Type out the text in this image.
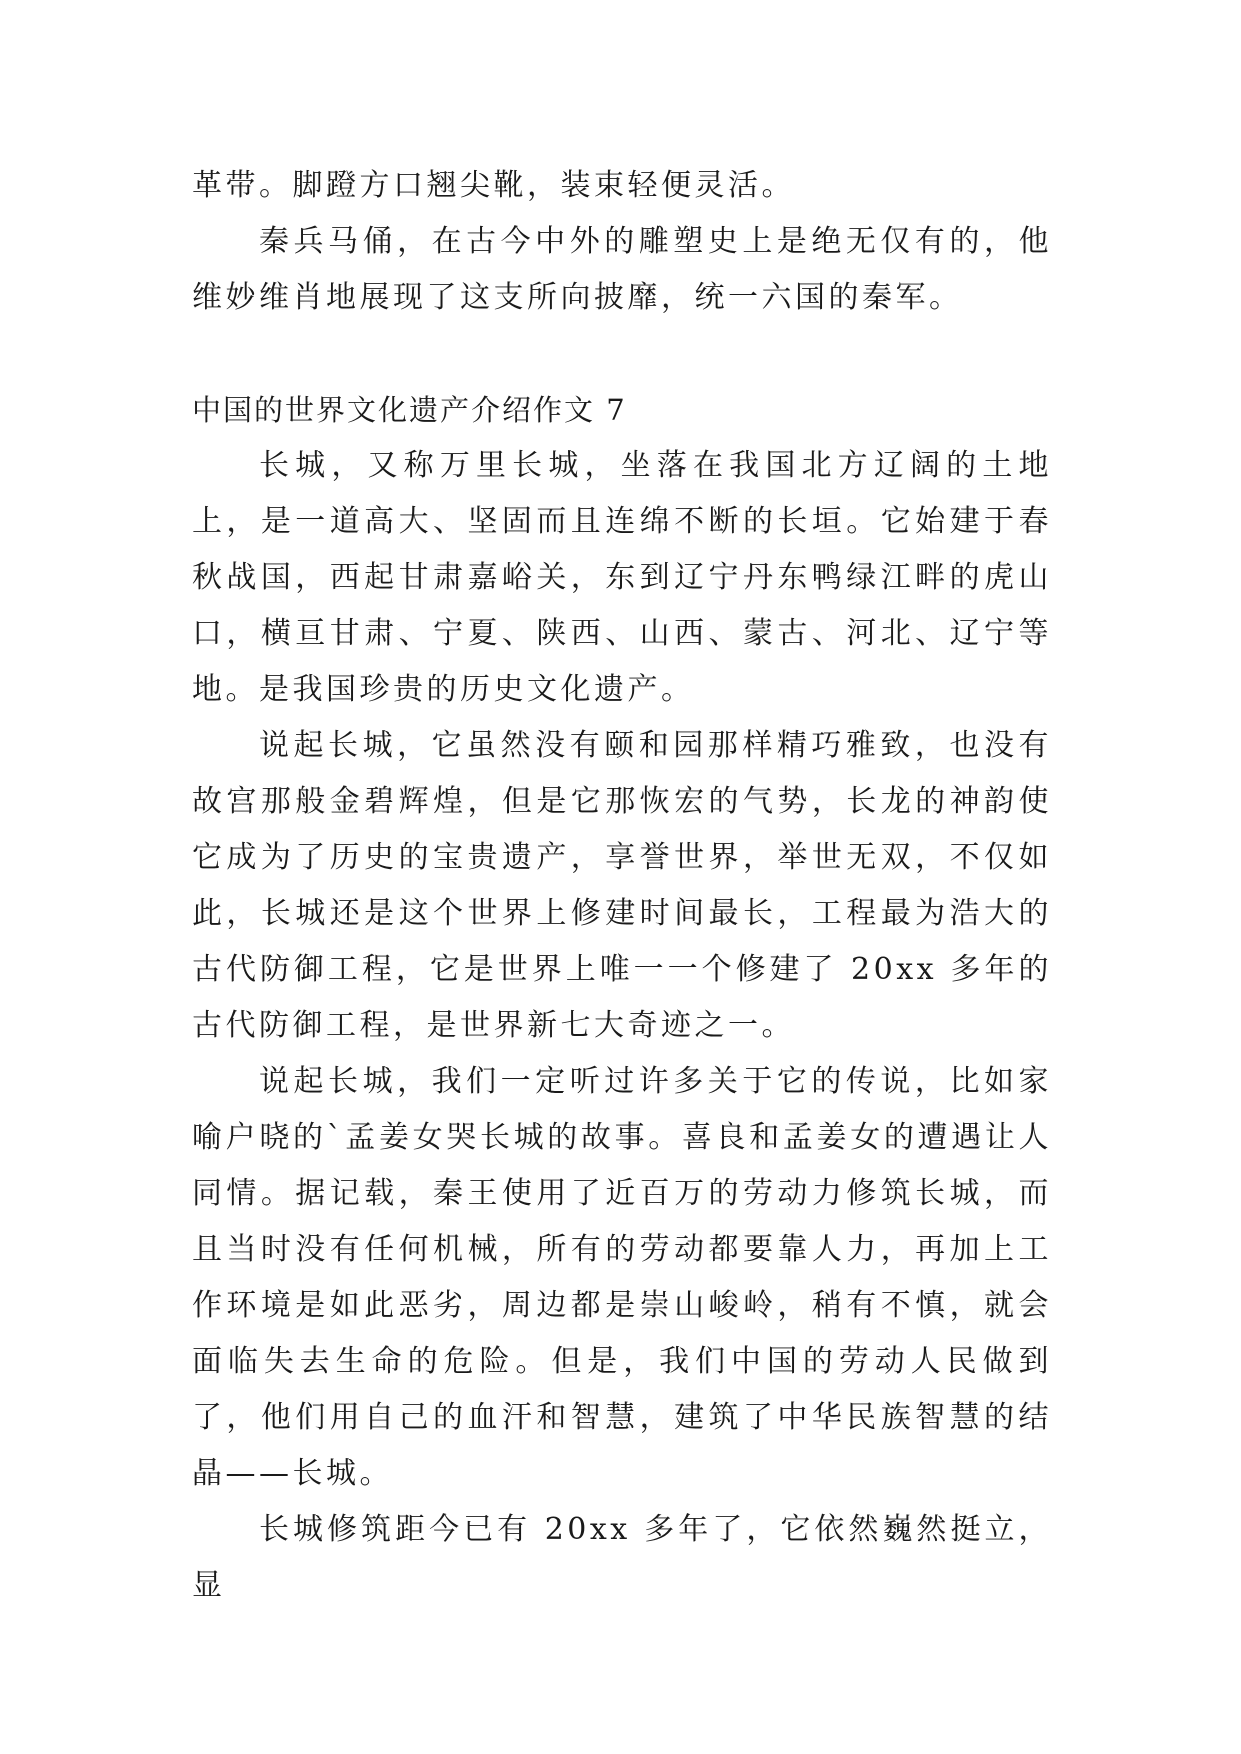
革带。脚蹬方口翘尖靴，装束轻便灵活。

秦兵马俑，在古今中外的雕塑史上是绝无仅有的，他维妙维肖地展现了这支所向披靡，统一六国的秦军。

中国的世界文化遗产介绍作文 7

长城，又称万里长城，坐落在我国北方辽阔的土地上，是一道高大、坚固而且连绵不断的长垣。它始建于春秋战国，西起甘肃嘉峪关，东到辽宁丹东鸭绿江畔的虎山口，横亘甘肃、宁夏、陕西、山西、蒙古、河北、辽宁等地。是我国珍贵的历史文化遗产。

说起长城，它虽然没有颐和园那样精巧雅致，也没有故宫那般金碧辉煌，但是它那恢宏的气势，长龙的神韵使它成为了历史的宝贵遗产，享誉世界，举世无双，不仅如此，长城还是这个世界上修建时间最长，工程最为浩大的古代防御工程，它是世界上唯一一个修建了 20xx 多年的古代防御工程，是世界新七大奇迹之一。

说起长城，我们一定听过许多关于它的传说，比如家喻户晓的`孟姜女哭长城的故事。喜良和孟姜女的遭遇让人同情。据记载，秦王使用了近百万的劳动力修筑长城，而且当时没有任何机械，所有的劳动都要靠人力，再加上工作环境是如此恶劣，周边都是崇山峻岭，稍有不慎，就会面临失去生命的危险。但是，我们中国的劳动人民做到了，他们用自己的血汗和智慧，建筑了中华民族智慧的结晶——长城。

长城修筑距今已有 20xx 多年了，它依然巍然挺立，显
